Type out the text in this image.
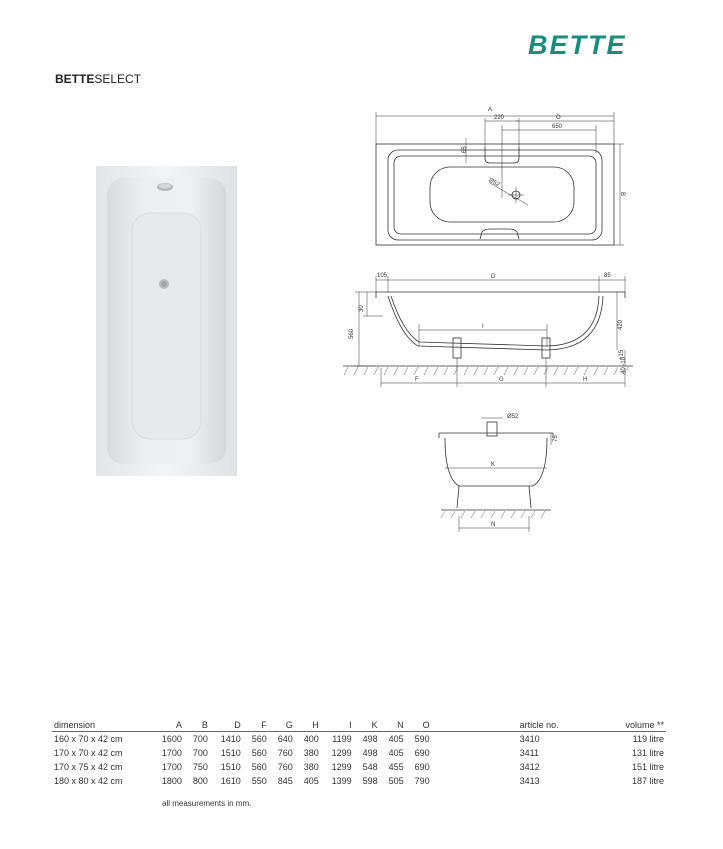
BETTE
BETTESELECT
A
220	O
650
65
B
Ø52
105	D	85
560
30
420
I
+15
40 -10
F	G	H
Ø52
75
K
N
dimension	A	B	D	F	G	H	I	K	N	O	article no.	volume **
160 x 70 x 42 cm	1600	700	1410	560	640	400	1199	498	405	590	3410	119 litre
170 x 70 x 42 cm	1700	700	1510	560	760	380	1299	498	405	690	3411	131 litre
170 x 75 x 42 cm	1700	750	1510	560	760	380	1299	548	455	690	3412	151 litre
180 x 80 x 42 cm	1800	800	1610	550	845	405	1399	598	505	790	3413	187 litre
all measurements in mm.
